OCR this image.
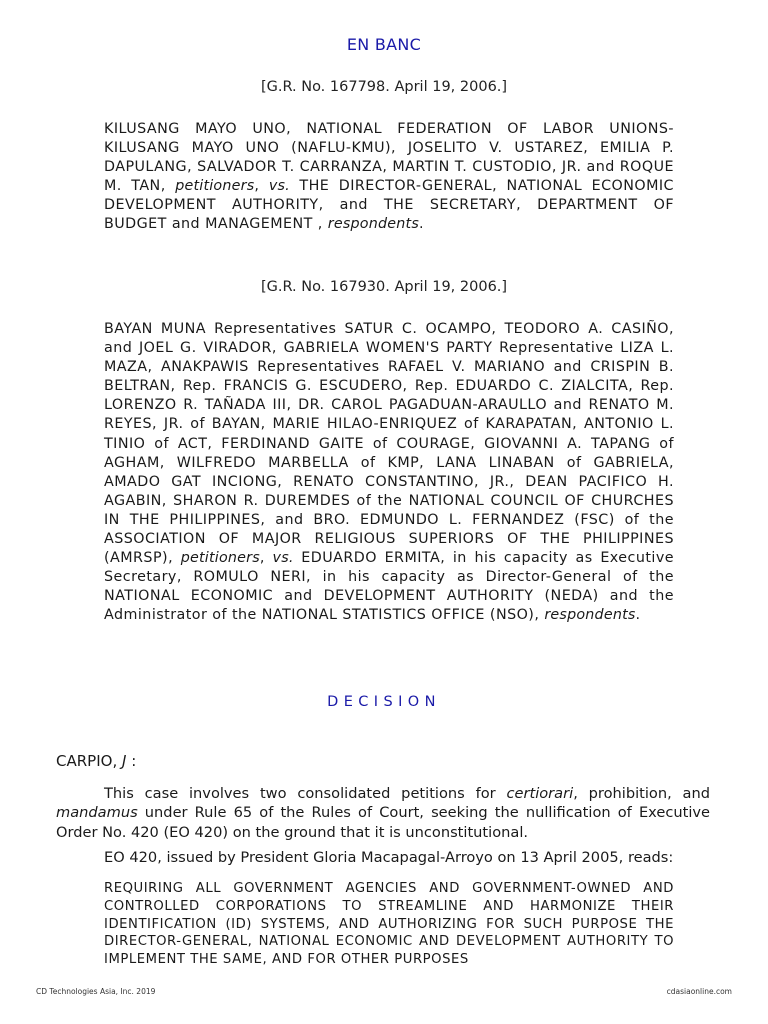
EN BANC
[G.R. No. 167798. April 19, 2006.]
KILUSANG MAYO UNO, NATIONAL FEDERATION OF LABOR UNIONS-KILUSANG MAYO UNO (NAFLU-KMU), JOSELITO V. USTAREZ, EMILIA P. DAPULANG, SALVADOR T. CARRANZA, MARTIN T. CUSTODIO, JR. and ROQUE M. TAN, petitioners, vs. THE DIRECTOR-GENERAL, NATIONAL ECONOMIC DEVELOPMENT AUTHORITY, and THE SECRETARY, DEPARTMENT OF BUDGET and MANAGEMENT , respondents.
[G.R. No. 167930. April 19, 2006.]
BAYAN MUNA Representatives SATUR C. OCAMPO, TEODORO A. CASIÑO, and JOEL G. VIRADOR, GABRIELA WOMEN'S PARTY Representative LIZA L. MAZA, ANAKPAWIS Representatives RAFAEL V. MARIANO and CRISPIN B. BELTRAN, Rep. FRANCIS G. ESCUDERO, Rep. EDUARDO C. ZIALCITA, Rep. LORENZO R. TAÑADA III, DR. CAROL PAGADUAN-ARAULLO and RENATO M. REYES, JR. of BAYAN, MARIE HILAO-ENRIQUEZ of KARAPATAN, ANTONIO L. TINIO of ACT, FERDINAND GAITE of COURAGE, GIOVANNI A. TAPANG of AGHAM, WILFREDO MARBELLA of KMP, LANA LINABAN of GABRIELA, AMADO GAT INCIONG, RENATO CONSTANTINO, JR., DEAN PACIFICO H. AGABIN, SHARON R. DUREMDES of the NATIONAL COUNCIL OF CHURCHES IN THE PHILIPPINES, and BRO. EDMUNDO L. FERNANDEZ (FSC) of the ASSOCIATION OF MAJOR RELIGIOUS SUPERIORS OF THE PHILIPPINES (AMRSP), petitioners, vs. EDUARDO ERMITA, in his capacity as Executive Secretary, ROMULO NERI, in his capacity as Director-General of the NATIONAL ECONOMIC and DEVELOPMENT AUTHORITY (NEDA) and the Administrator of the NATIONAL STATISTICS OFFICE (NSO), respondents.
DECISION
CARPIO, J :
This case involves two consolidated petitions for certiorari, prohibition, and mandamus under Rule 65 of the Rules of Court, seeking the nullification of Executive Order No. 420 (EO 420) on the ground that it is unconstitutional.
EO 420, issued by President Gloria Macapagal-Arroyo on 13 April 2005, reads:
REQUIRING ALL GOVERNMENT AGENCIES AND GOVERNMENT-OWNED AND CONTROLLED CORPORATIONS TO STREAMLINE AND HARMONIZE THEIR IDENTIFICATION (ID) SYSTEMS, AND AUTHORIZING FOR SUCH PURPOSE THE DIRECTOR-GENERAL, NATIONAL ECONOMIC AND DEVELOPMENT AUTHORITY TO IMPLEMENT THE SAME, AND FOR OTHER PURPOSES
CD Technologies Asia, Inc. 2019	cdasiaonline.com
